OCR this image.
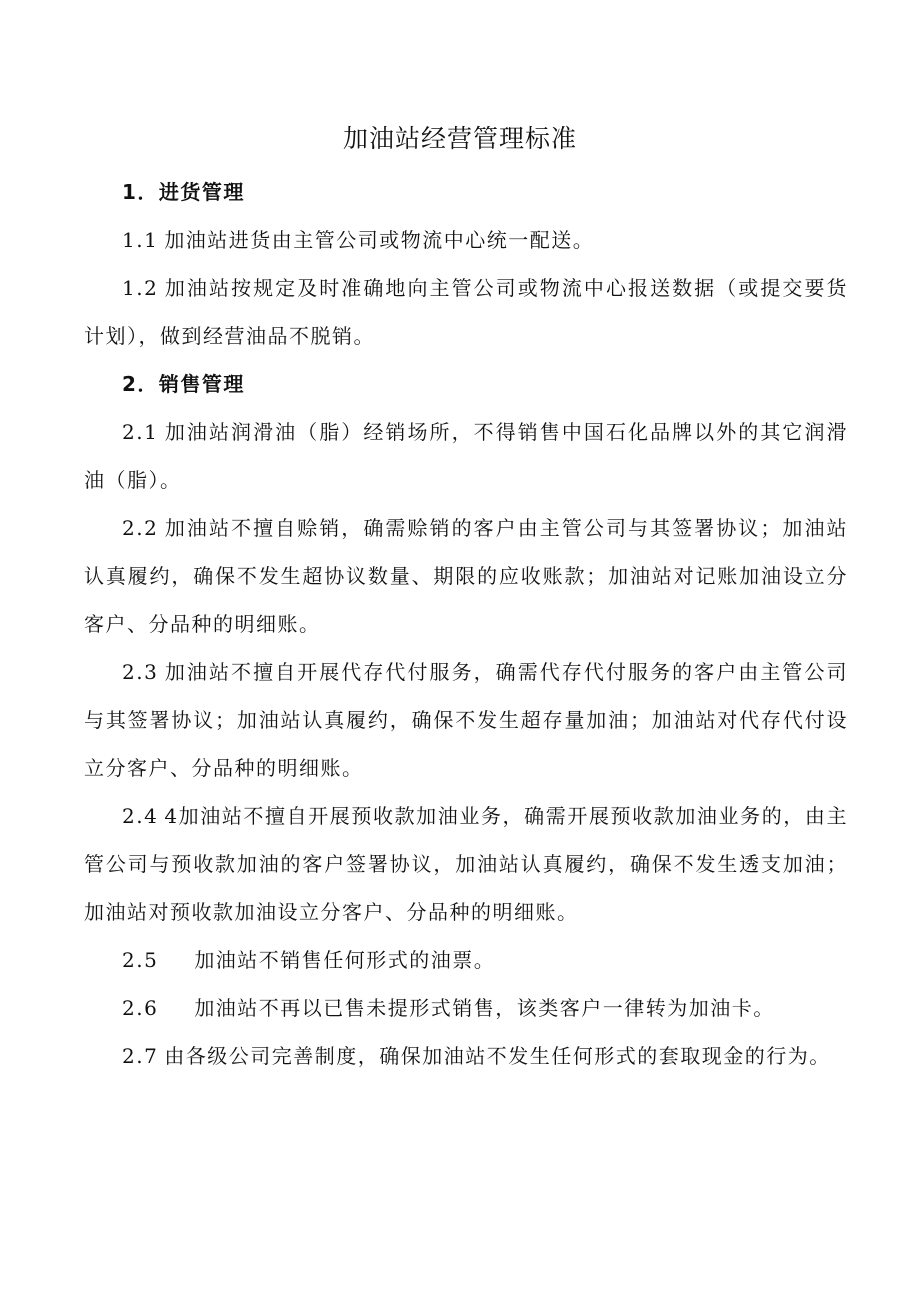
加油站经营管理标准
1．进货管理

1.1 加油站进货由主管公司或物流中心统一配送。

1.2 加油站按规定及时准确地向主管公司或物流中心报送数据（或提交要货计划），做到经营油品不脱销。

2．销售管理

2.1 加油站润滑油（脂）经销场所，不得销售中国石化品牌以外的其它润滑油（脂）。

2.2 加油站不擅自赊销，确需赊销的客户由主管公司与其签署协议；加油站认真履约，确保不发生超协议数量、期限的应收账款；加油站对记账加油设立分客户、分品种的明细账。

2.3 加油站不擅自开展代存代付服务，确需代存代付服务的客户由主管公司与其签署协议；加油站认真履约，确保不发生超存量加油；加油站对代存代付设立分客户、分品种的明细账。

2.4 4加油站不擅自开展预收款加油业务，确需开展预收款加油业务的，由主管公司与预收款加油的客户签署协议，加油站认真履约，确保不发生透支加油；加油站对预收款加油设立分客户、分品种的明细账。

2.5 加油站不销售任何形式的油票。

2.6 加油站不再以已售未提形式销售，该类客户一律转为加油卡。

2.7 由各级公司完善制度，确保加油站不发生任何形式的套取现金的行为。
